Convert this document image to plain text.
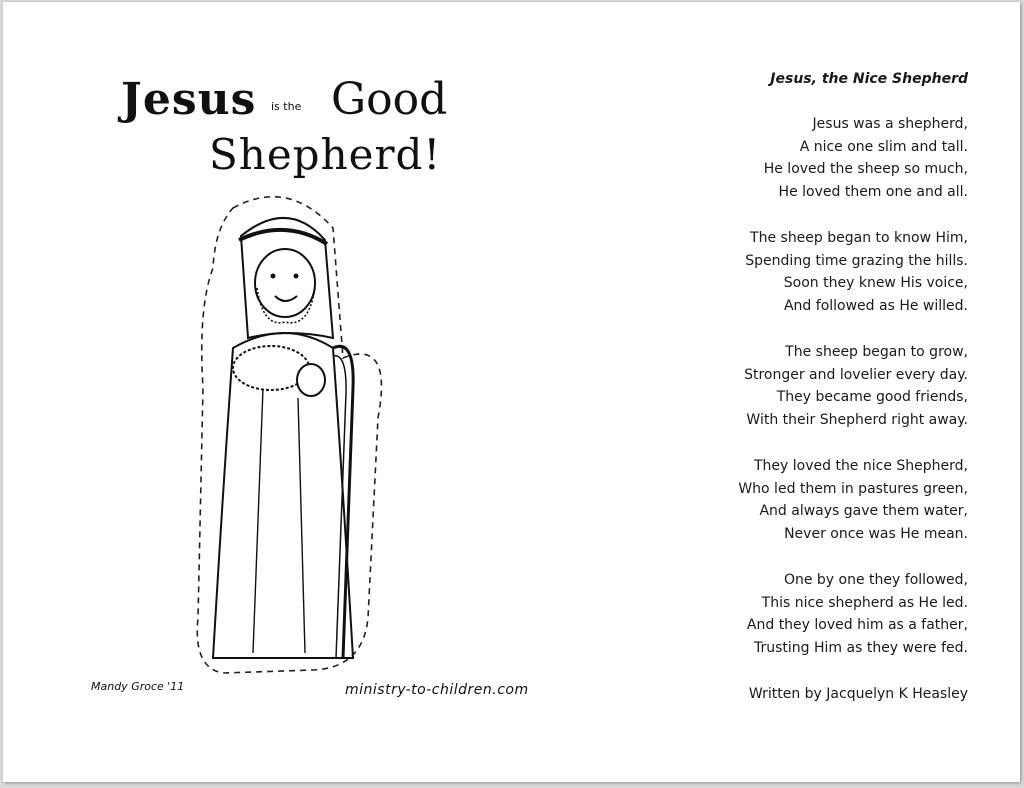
Jesus is the Good
Shepherd!
Mandy Groce '11	ministry-to-children.com
Jesus, the Nice Shepherd
Jesus was a shepherd,
A nice one slim and tall.
He loved the sheep so much,
He loved them one and all.
The sheep began to know Him,
Spending time grazing the hills.
Soon they knew His voice,
And followed as He willed.
The sheep began to grow,
Stronger and lovelier every day.
They became good friends,
With their Shepherd right away.
They loved the nice Shepherd,
Who led them in pastures green,
And always gave them water,
Never once was He mean.
One by one they followed,
This nice shepherd as He led.
And they loved him as a father,
Trusting Him as they were fed.
Written by Jacquelyn K Heasley
